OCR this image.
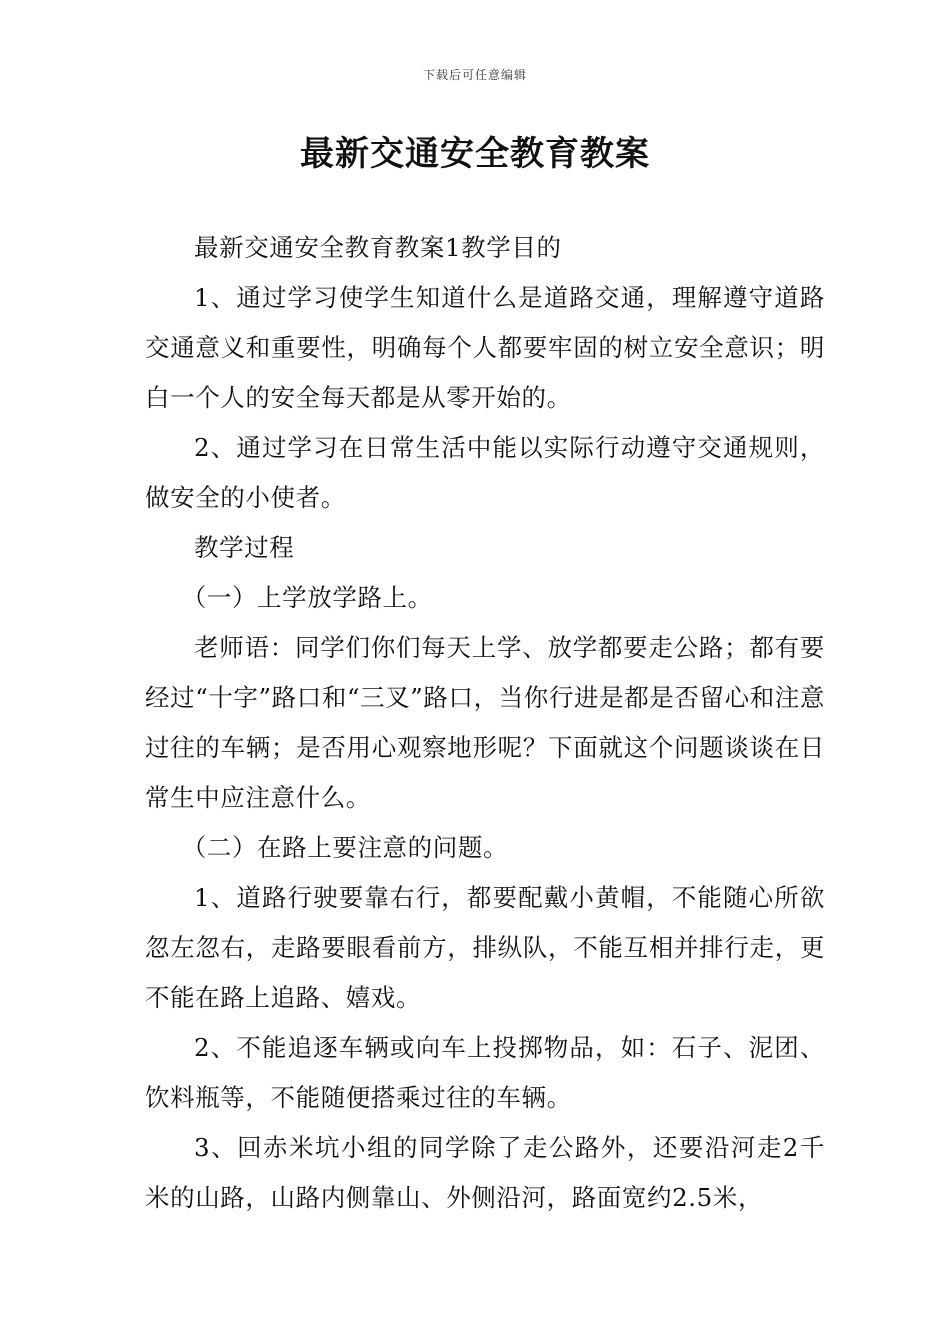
下载后可任意编辑
最新交通安全教育教案

最新交通安全教育教案1教学目的

1、通过学习使学生知道什么是道路交通，理解遵守道路交通意义和重要性，明确每个人都要牢固的树立安全意识；明白一个人的安全每天都是从零开始的。

2、通过学习在日常生活中能以实际行动遵守交通规则，做安全的小使者。

教学过程

（一）上学放学路上。

老师语：同学们你们每天上学、放学都要走公路；都有要经过“十字”路口和“三叉”路口，当你行进是都是否留心和注意过往的车辆；是否用心观察地形呢？下面就这个问题谈谈在日常生中应注意什么。

（二）在路上要注意的问题。

1、道路行驶要靠右行，都要配戴小黄帽，不能随心所欲忽左忽右，走路要眼看前方，排纵队，不能互相并排行走，更不能在路上追路、嬉戏。

2、不能追逐车辆或向车上投掷物品，如：石子、泥团、饮料瓶等，不能随便搭乘过往的车辆。

3、回赤米坑小组的同学除了走公路外，还要沿河走2千米的山路，山路内侧靠山、外侧沿河，路面宽约2.5米，
